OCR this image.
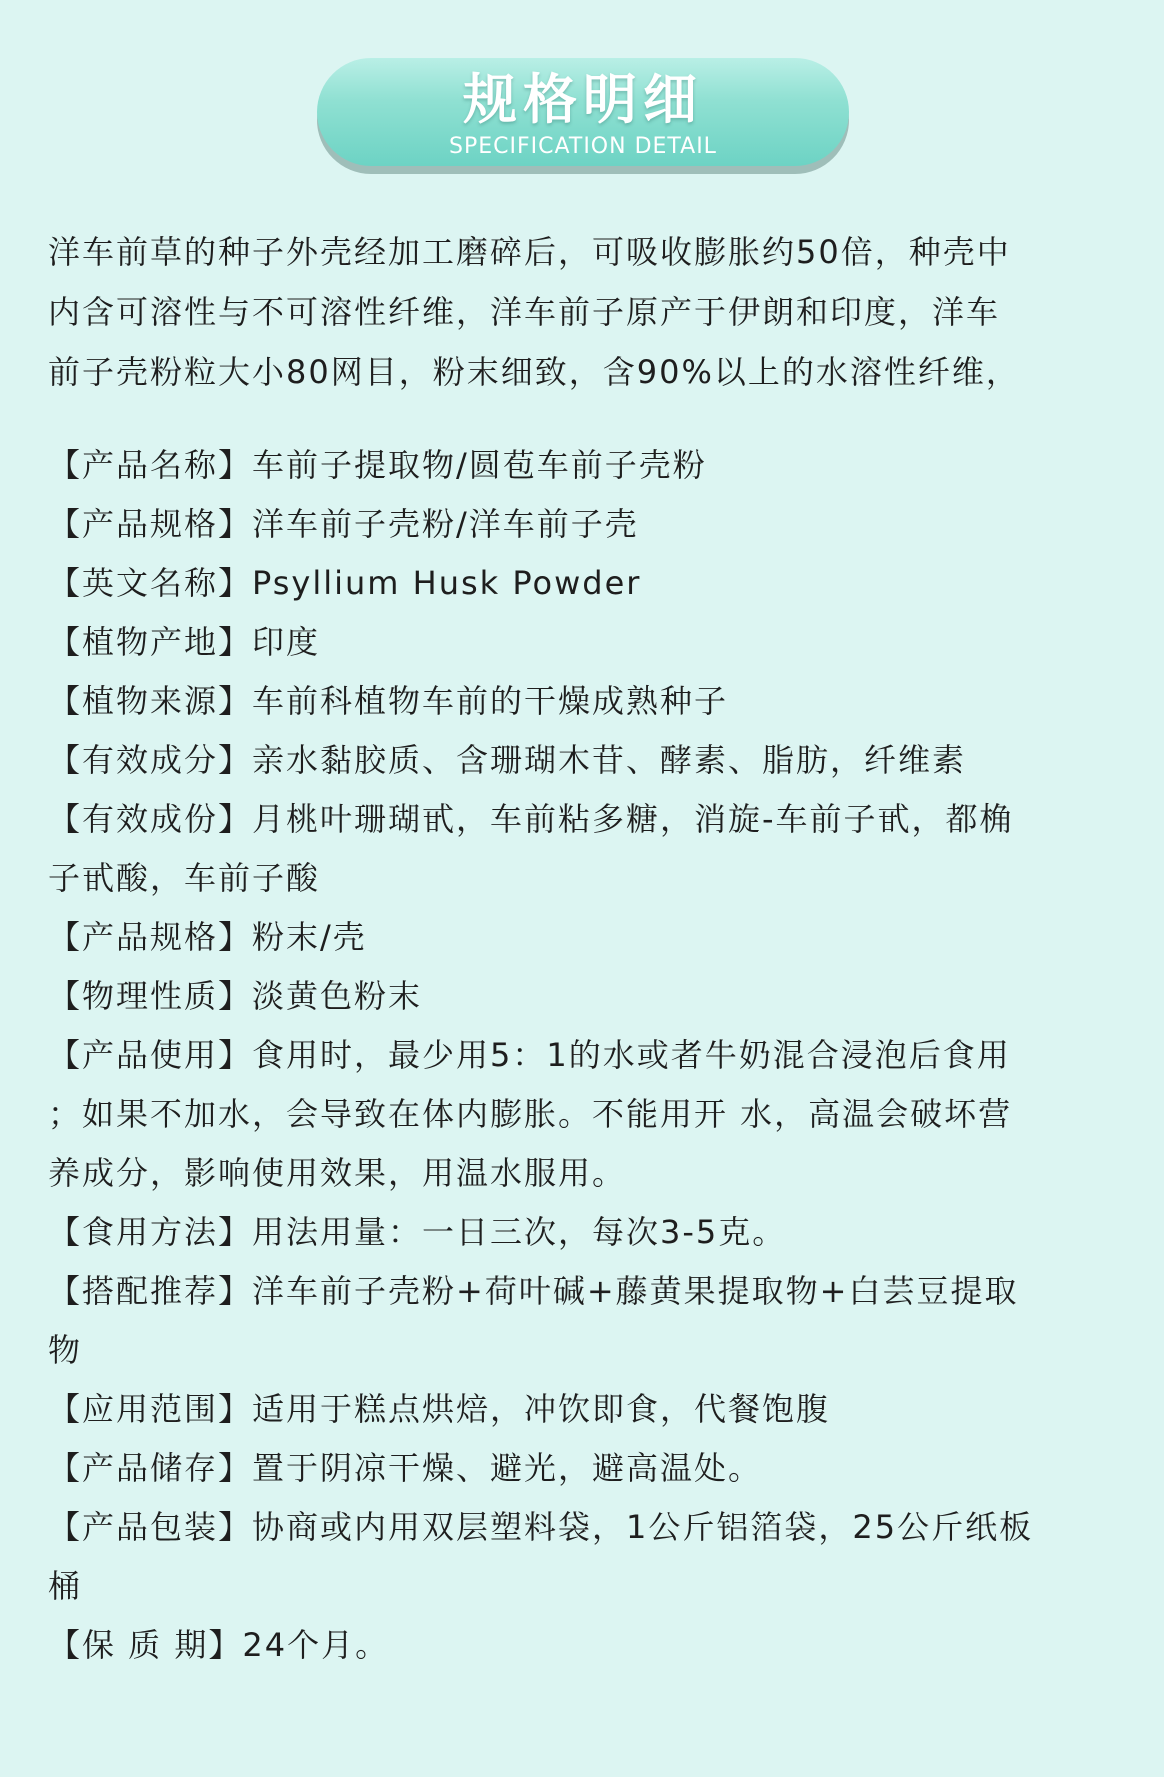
规格明细
SPECIFICATION DETAIL

洋车前草的种子外壳经加工磨碎后，可吸收膨胀约50倍，种壳中

内含可溶性与不可溶性纤维，洋车前子原产于伊朗和印度，洋车

前子壳粉粒大小80网目，粉末细致，含90%以上的水溶性纤维，

【产品名称】车前子提取物/圆苞车前子壳粉
【产品规格】洋车前子壳粉/洋车前子壳
【英文名称】Psyllium Husk Powder
【植物产地】印度
【植物来源】车前科植物车前的干燥成熟种子
【有效成分】亲水黏胶质、含珊瑚木苷、酵素、脂肪，纤维素
【有效成份】月桃叶珊瑚甙，车前粘多糖，消旋-车前子甙，都桷
子甙酸，车前子酸
【产品规格】粉末/壳
【物理性质】淡黄色粉末
【产品使用】食用时，最少用5：1的水或者牛奶混合浸泡后食用
；如果不加水，会导致在体内膨胀。不能用开 水，高温会破坏营
养成分，影响使用效果，用温水服用。
【食用方法】用法用量：一日三次，每次3-5克。
【搭配推荐】洋车前子壳粉+荷叶碱+藤黄果提取物+白芸豆提取
物
【应用范围】适用于糕点烘焙，冲饮即食，代餐饱腹
【产品储存】置于阴凉干燥、避光，避高温处。
【产品包装】协商或内用双层塑料袋，1公斤铝箔袋，25公斤纸板
桶
【保 质 期】24个月。
